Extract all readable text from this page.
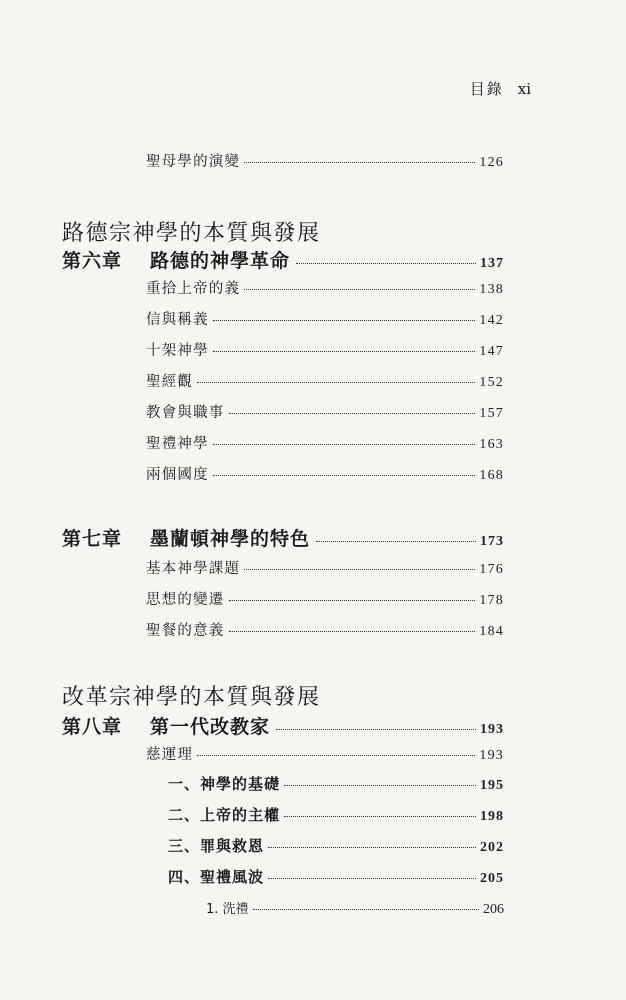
目錄 xi
聖母學的演變	126
路德宗神學的本質與發展
第六章 路德的神學革命	137
重拾上帝的義	138
信與稱義	142
十架神學	147
聖經觀	152
教會與職事	157
聖禮神學	163
兩個國度	168
第七章 墨蘭頓神學的特色	173
基本神學課題	176
思想的變遷	178
聖餐的意義	184
改革宗神學的本質與發展
第八章 第一代改教家	193
慈運理	193
一、神學的基礎	195
二、上帝的主權	198
三、罪與救恩	202
四、聖禮風波	205
1. 洗禮	206
